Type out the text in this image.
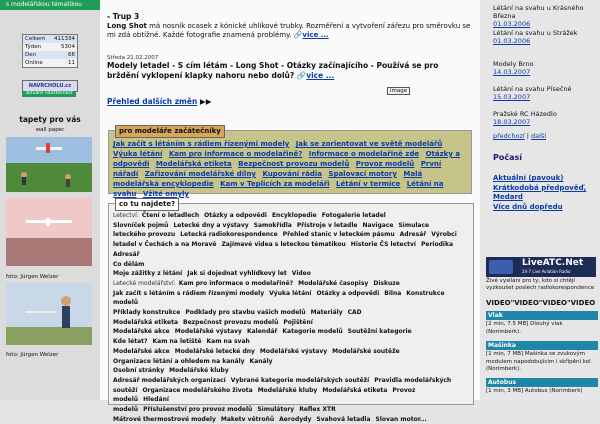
s modelářskou tématikou
Celkem 411334
Týden	5304
Den	66
Online	11
NAVRCHOLU.cz
aktuální návštěvnost
tapety pro vás
wall paper
foto: Jürgen Welzer
foto: Jürgen Welzer
- Trup 3
Long Shot má nosník ocasek z kónické uhlíkové trubky. Rozměření a vytvoření zářezu pro směrovku se mi zdá obtížné. Každé fotografie znamená problémy. 🔗vice ...
Středa 21.02.2007
Modely letadel - S cím létám - Long Shot - Otázky začínajícího - Používá se pro brždění vyklopení klapky nahoru nebo dolů? 🔗vice ...
image
Přehled dalších změn ▶▶
pro modeláře začátečníky
Jak začít s létáním s rádiem řízenými modely Jak se zorientovat ve světě modelářů Výuka létání Kam pro informace o modelařině? Informace o modelařině zde Otázky a odpovědi Modelářská etiketa Bezpečnost provozu modelů Provoz modelů První nářadí Zařizování modelářské dílny Kupování rádia Spalovací motory Malá modelářská encyklopedie Kam v Teplicích za modeláři Létání v termice Létání na svahu Vžité omyly
co tu najdete?
Letectví: Čtení o letadlech Otázky a odpovědi Encyklopedie Fotogalerie letadel
Slovníček pojmů Letecké dny a výstavy Samokřídla Přístroje v letadle Navigace Simulace
leteckého provozu Letecká radiokorespondence Přehled stanic v leteckém pásmu Adresář Výrobci
letadel v Čechách a na Moravě Zajímavé videa s leteckou tématikou Historie ČS letectví Periodika
Adresář
Co dělám
Moje zážitky z létání Jak si dojednat vyhlídkový let Video
Letecké modelářství: Kam pro informace o modelařině? Modelářské časopisy Diskuze
Jak začít s létáním s rádiem řízenými modely Výuka létání Otázky a odpovědi Bilna Konstrukce modelů
Příklady konstrukce Podklady pro stavbu vašich modelů Materiály CAD
Modelářská etiketa Bezpečnost provozu modelů Pojištění
Modelářské akce Modelářské výstavy Kalendář Kategorie modelů Soutěžní kategorie
Kde létat? Kam na letiště Kam na svah
Modelářské akce Modelářské letecké dny Modelářské výstavy Modelářské soutěže
Organizace létání a ohledem na kanály Kanály
Osobní stránky Modelářské kluby
Adresář modelářských organizací Vybrané kategorie modelářských soutěží Pravidla modelářských
soutěží Organizace modelářského života Modelářské kluby Modelářská etiketa Provoz modelů Hledání
modelů Příslušenství pro provoz modelů Simulátory Reflex XTR
Mátrové thermostrové modely Maketv větroňů Aerodydy Svahová letadla Slovan motor...
Létání na svahu u Krásného Března
01.03.2006
Létání na svahu u Strážek
01.03.2006
Modely Brno
14.03.2007
Létání na svahu Písečné
15.03.2007
Pražské RC Házedlo
18.03.2007
předchozí | další
Počasí
Aktuální (pavouk)
Krátkodobá předpověď, Medard
Více dnů dopředu
LiveATC.Net
24-7 Live Aviation Radio
Živé vysílání pro ty, kdo si chtějí vyzkoušet poslech radiokorespondence
VIDEO"VIDEO"VIDEO"VIDEO
Vlak
[2 min, 7.5 MB] Dlouhý vlak (Norimberk).
Mašinka
[1 min, 7 MB] Mašinka se zvukovým modulem napodobujícím i skřípění kol (Norimberk).
Autobus
[1 min, 3 MB] Autobus (Norimberk)
